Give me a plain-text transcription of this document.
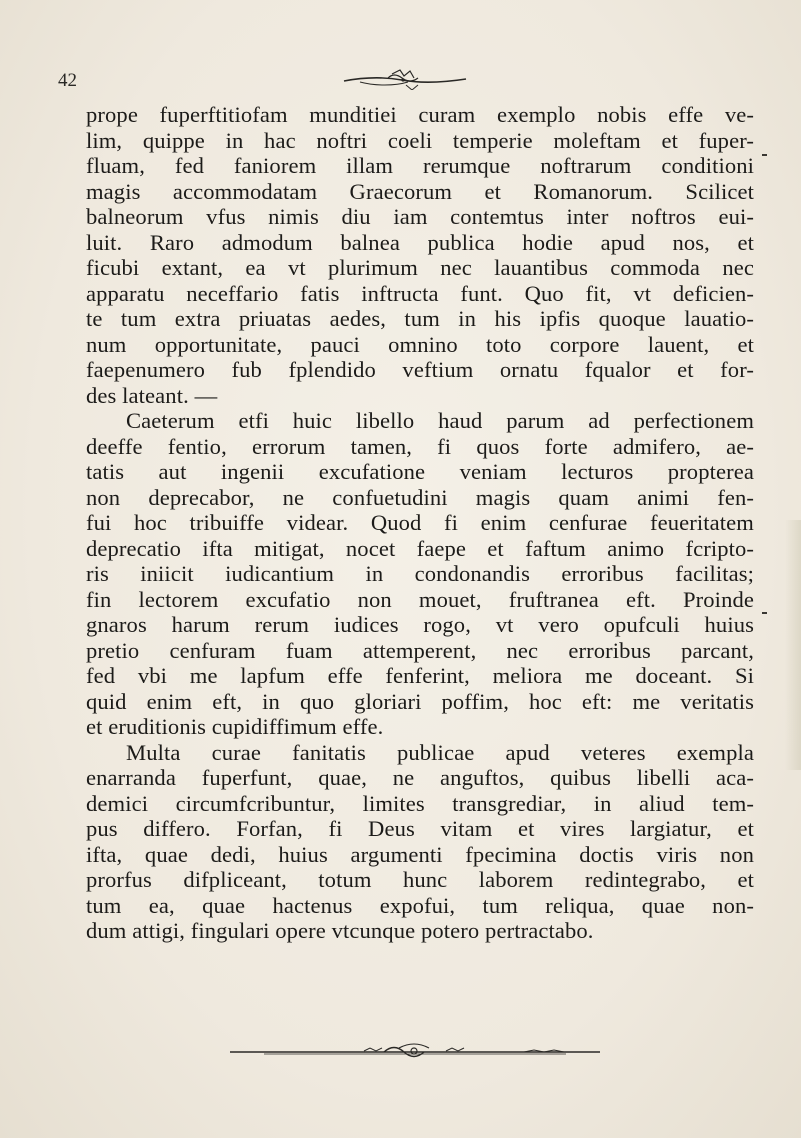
42
prope fuperftitiofam munditiei curam exemplo nobis effe ve-
lim, quippe in hac noftri coeli temperie moleftam et fuper-
fluam, fed faniorem illam rerumque noftrarum conditioni
magis accommodatam Graecorum et Romanorum. Scilicet
balneorum vfus nimis diu iam contemtus inter noftros eui-
luit. Raro admodum balnea publica hodie apud nos, et
ficubi extant, ea vt plurimum nec lauantibus commoda nec
apparatu neceffario fatis inftructa funt. Quo fit, vt deficien-
te tum extra priuatas aedes, tum in his ipfis quoque lauatio-
num opportunitate, pauci omnino toto corpore lauent, et
faepenumero fub fplendido veftium ornatu fqualor et for-
des lateant. —
Caeterum etfi huic libello haud parum ad perfectionem
deeffe fentio, errorum tamen, fi quos forte admifero, ae-
tatis aut ingenii excufatione veniam lecturos propterea
non deprecabor, ne confuetudini magis quam animi fen-
fui hoc tribuiffe videar. Quod fi enim cenfurae feueritatem
deprecatio ifta mitigat, nocet faepe et faftum animo fcripto-
ris iniicit iudicantium in condonandis erroribus facilitas;
fin lectorem excufatio non mouet, fruftranea eft. Proinde
gnaros harum rerum iudices rogo, vt vero opufculi huius
pretio cenfuram fuam attemperent, nec erroribus parcant,
fed vbi me lapfum effe fenferint, meliora me doceant. Si
quid enim eft, in quo gloriari poffim, hoc eft: me veritatis
et eruditionis cupidiffimum effe.
Multa curae fanitatis publicae apud veteres exempla
enarranda fuperfunt, quae, ne anguftos, quibus libelli aca-
demici circumfcribuntur, limites transgrediar, in aliud tem-
pus differo. Forfan, fi Deus vitam et vires largiatur, et
ifta, quae dedi, huius argumenti fpecimina doctis viris non
prorfus difpliceant, totum hunc laborem redintegrabo, et
tum ea, quae hactenus expofui, tum reliqua, quae non-
dum attigi, fingulari opere vtcunque potero pertractabo.
